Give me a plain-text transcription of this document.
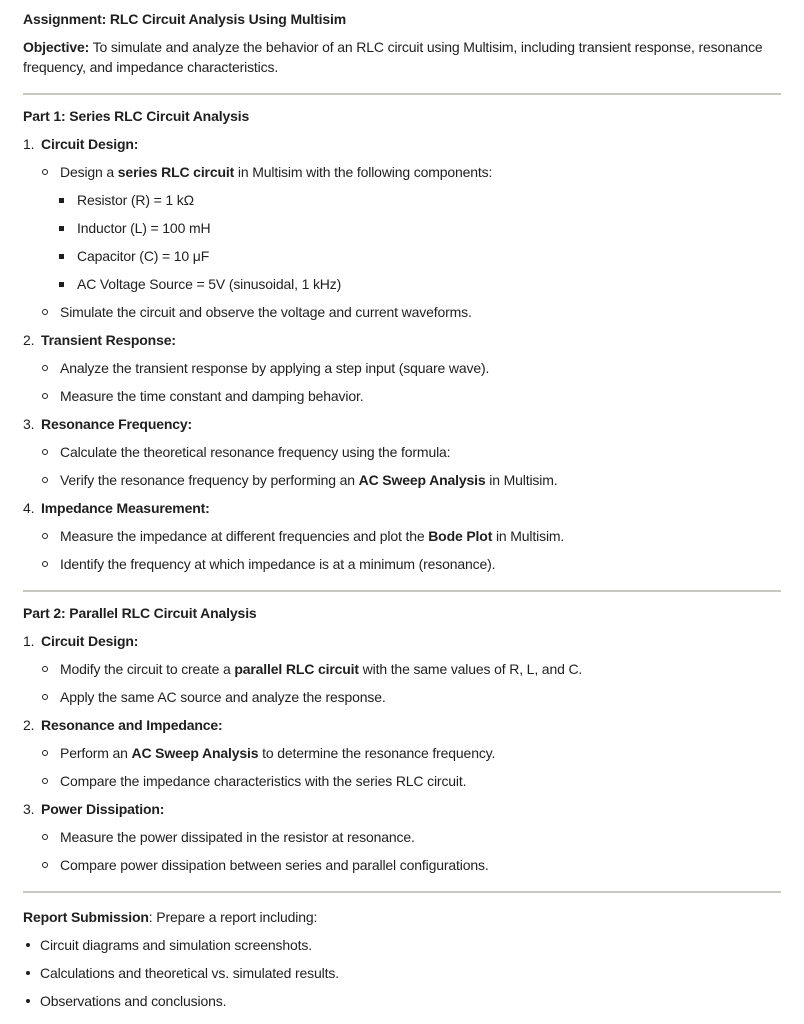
Assignment: RLC Circuit Analysis Using Multisim

Objective: To simulate and analyze the behavior of an RLC circuit using Multisim, including transient response, resonance frequency, and impedance characteristics.

Part 1: Series RLC Circuit Analysis

1. Circuit Design:
Design a series RLC circuit in Multisim with the following components:
Resistor (R) = 1 kΩ
Inductor (L) = 100 mH
Capacitor (C) = 10 μF
AC Voltage Source = 5V (sinusoidal, 1 kHz)
Simulate the circuit and observe the voltage and current waveforms.
2. Transient Response:
Analyze the transient response by applying a step input (square wave).
Measure the time constant and damping behavior.
3. Resonance Frequency:
Calculate the theoretical resonance frequency using the formula:
Verify the resonance frequency by performing an AC Sweep Analysis in Multisim.
4. Impedance Measurement:
Measure the impedance at different frequencies and plot the Bode Plot in Multisim.
Identify the frequency at which impedance is at a minimum (resonance).

Part 2: Parallel RLC Circuit Analysis

1. Circuit Design:
Modify the circuit to create a parallel RLC circuit with the same values of R, L, and C.
Apply the same AC source and analyze the response.
2. Resonance and Impedance:
Perform an AC Sweep Analysis to determine the resonance frequency.
Compare the impedance characteristics with the series RLC circuit.
3. Power Dissipation:
Measure the power dissipated in the resistor at resonance.
Compare power dissipation between series and parallel configurations.

Report Submission: Prepare a report including:

Circuit diagrams and simulation screenshots.
Calculations and theoretical vs. simulated results.
Observations and conclusions.
